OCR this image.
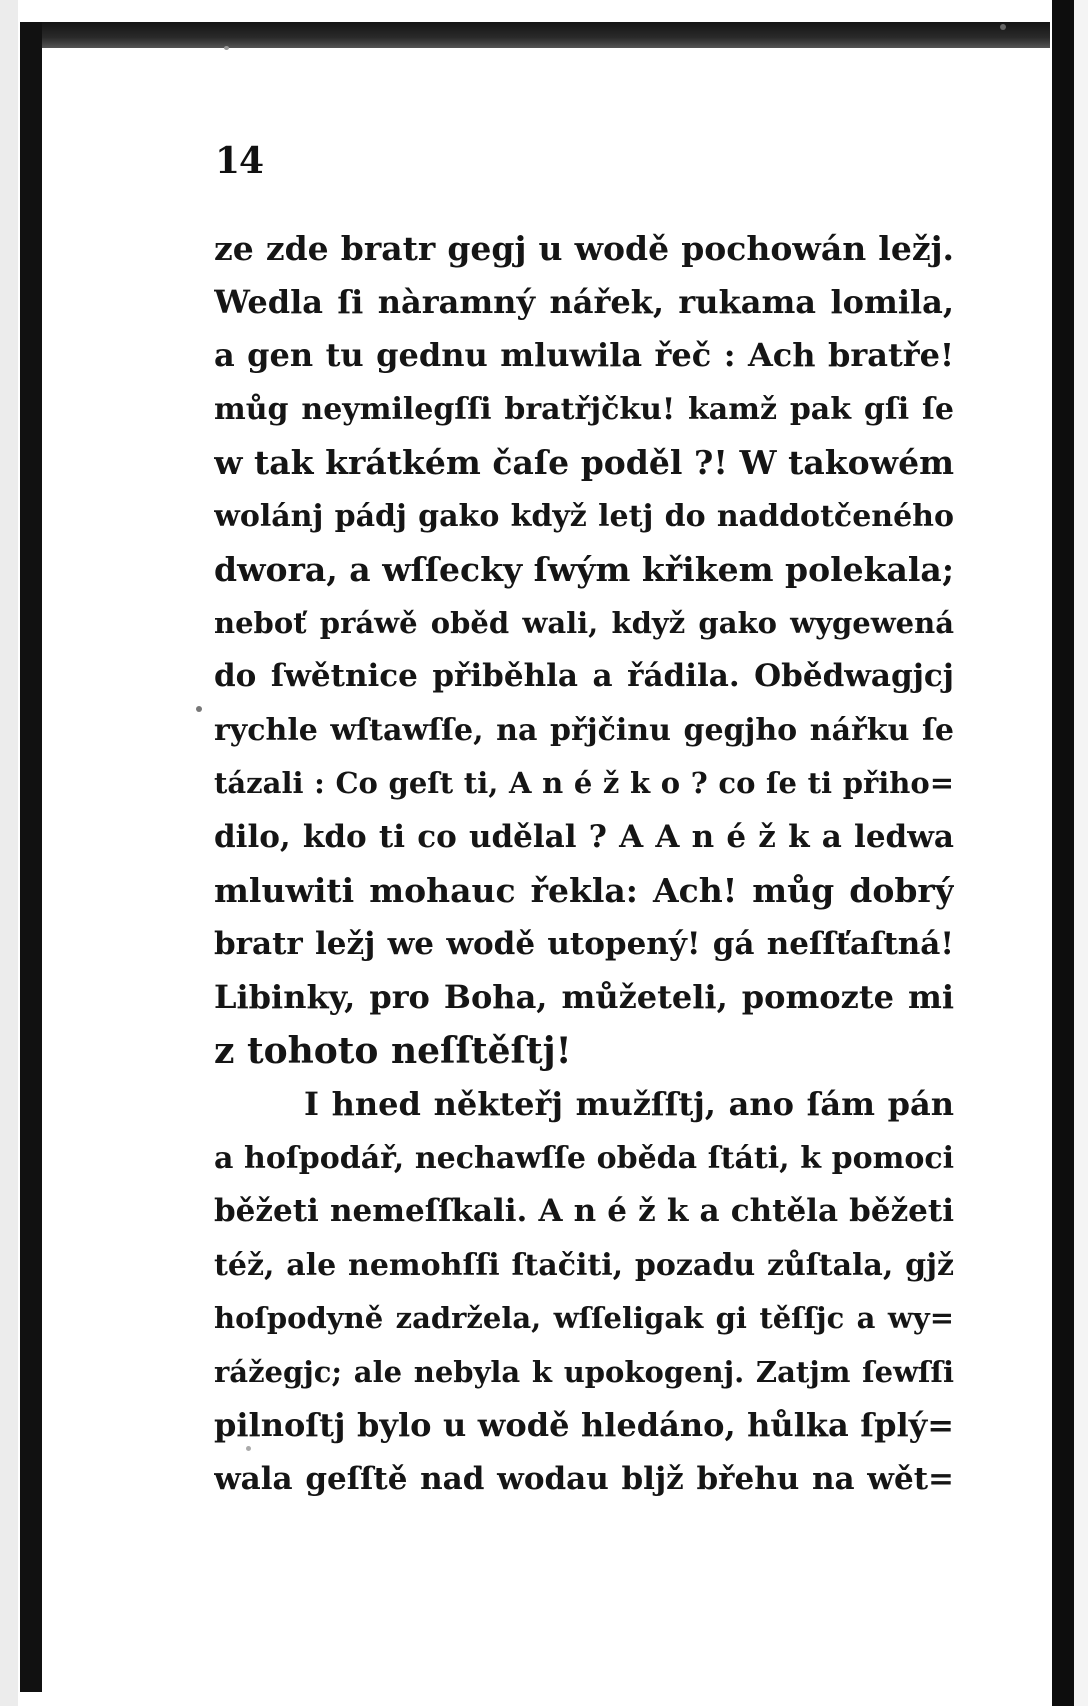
14
ze zde bratr gegj u wodě pochowán ležj.
Wedla ſi nàramný nářek, rukama lomila,
a gen tu gednu mluwila řeč : Ach bratře!
můg neymilegſſi bratřjčku! kamž pak gſi ſe
w tak krátkém čaſe poděl ?! W takowém
wolánj pádj gako když letj do naddotčeného
dwora, a wſſecky ſwým křikem polekala;
neboť práwě oběd wali, když gako wygewená
do ſwětnice přiběhla a řádila. Obědwagjcj
rychle wſtawſſe, na přjčinu gegjho nářku ſe
tázali : Co geſt ti, A n é ž k o ? co ſe ti přiho=
dilo, kdo ti co udělal ? A A n é ž k a ledwa
mluwiti mohauc řekla: Ach! můg dobrý
bratr ležj we wodě utopený! gá neſſťaſtná!
Libinky, pro Boha, můžeteli, pomozte mi
z tohoto neſſtěſtj!
I hned někteřj mužſſtj, ano ſám pán
a hoſpodář, nechawſſe oběda ſtáti, k pomoci
běžeti nemeſſkali. A n é ž k a chtěla běžeti
též, ale nemohſſi ſtačiti, pozadu zůſtala, gjž
hoſpodyně zadržela, wſſeligak gi těſſjc a wy=
rážegjc; ale nebyla k upokogenj. Zatjm ſewſſi
pilnoſtj bylo u wodě hledáno, hůlka ſplý=
wala geſſtě nad wodau bljž břehu na wět=
